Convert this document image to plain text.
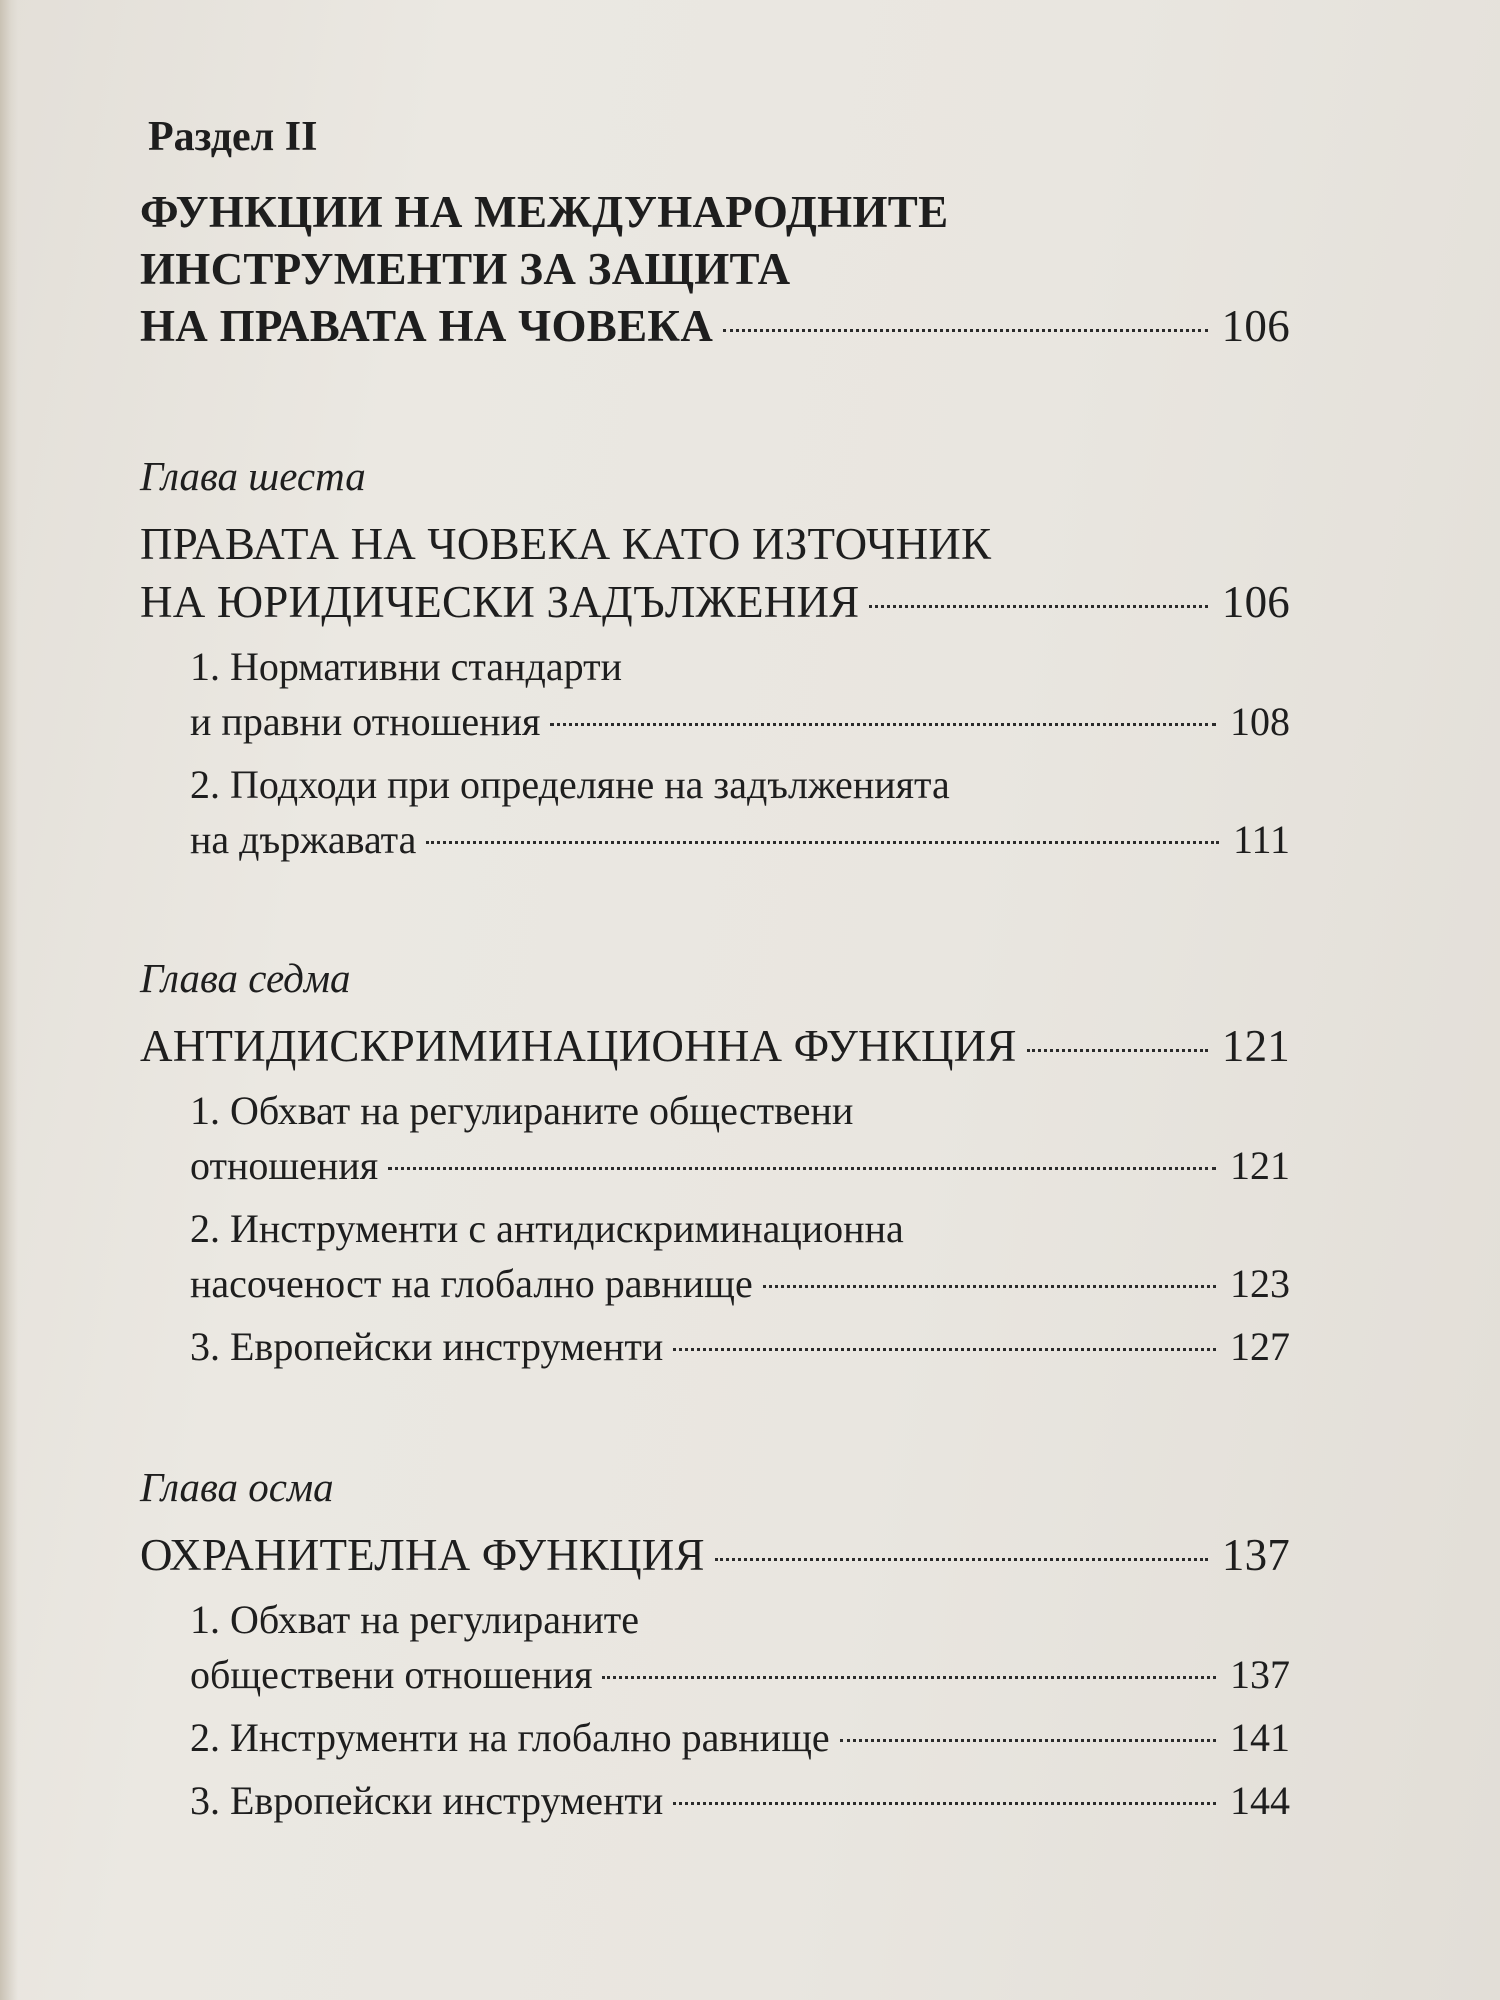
Раздел II
ФУНКЦИИ НА МЕЖДУНАРОДНИТЕ
ИНСТРУМЕНТИ ЗА ЗАЩИТА
НА ПРАВАТА НА ЧОВЕКА	106
Глава шеста
ПРАВАТА НА ЧОВЕКА КАТО ИЗТОЧНИК
НА ЮРИДИЧЕСКИ ЗАДЪЛЖЕНИЯ	106
1. Нормативни стандарти
и правни отношения	108
2. Подходи при определяне на задълженията
на държавата	111
Глава седма
АНТИДИСКРИМИНАЦИОННА ФУНКЦИЯ	121
1. Обхват на регулираните обществени
отношения	121
2. Инструменти с антидискриминационна
насоченост на глобално равнище	123
3. Европейски инструменти	127
Глава осма
ОХРАНИТЕЛНА ФУНКЦИЯ	137
1. Обхват на регулираните
обществени отношения	137
2. Инструменти на глобално равнище	141
3. Европейски инструменти	144
